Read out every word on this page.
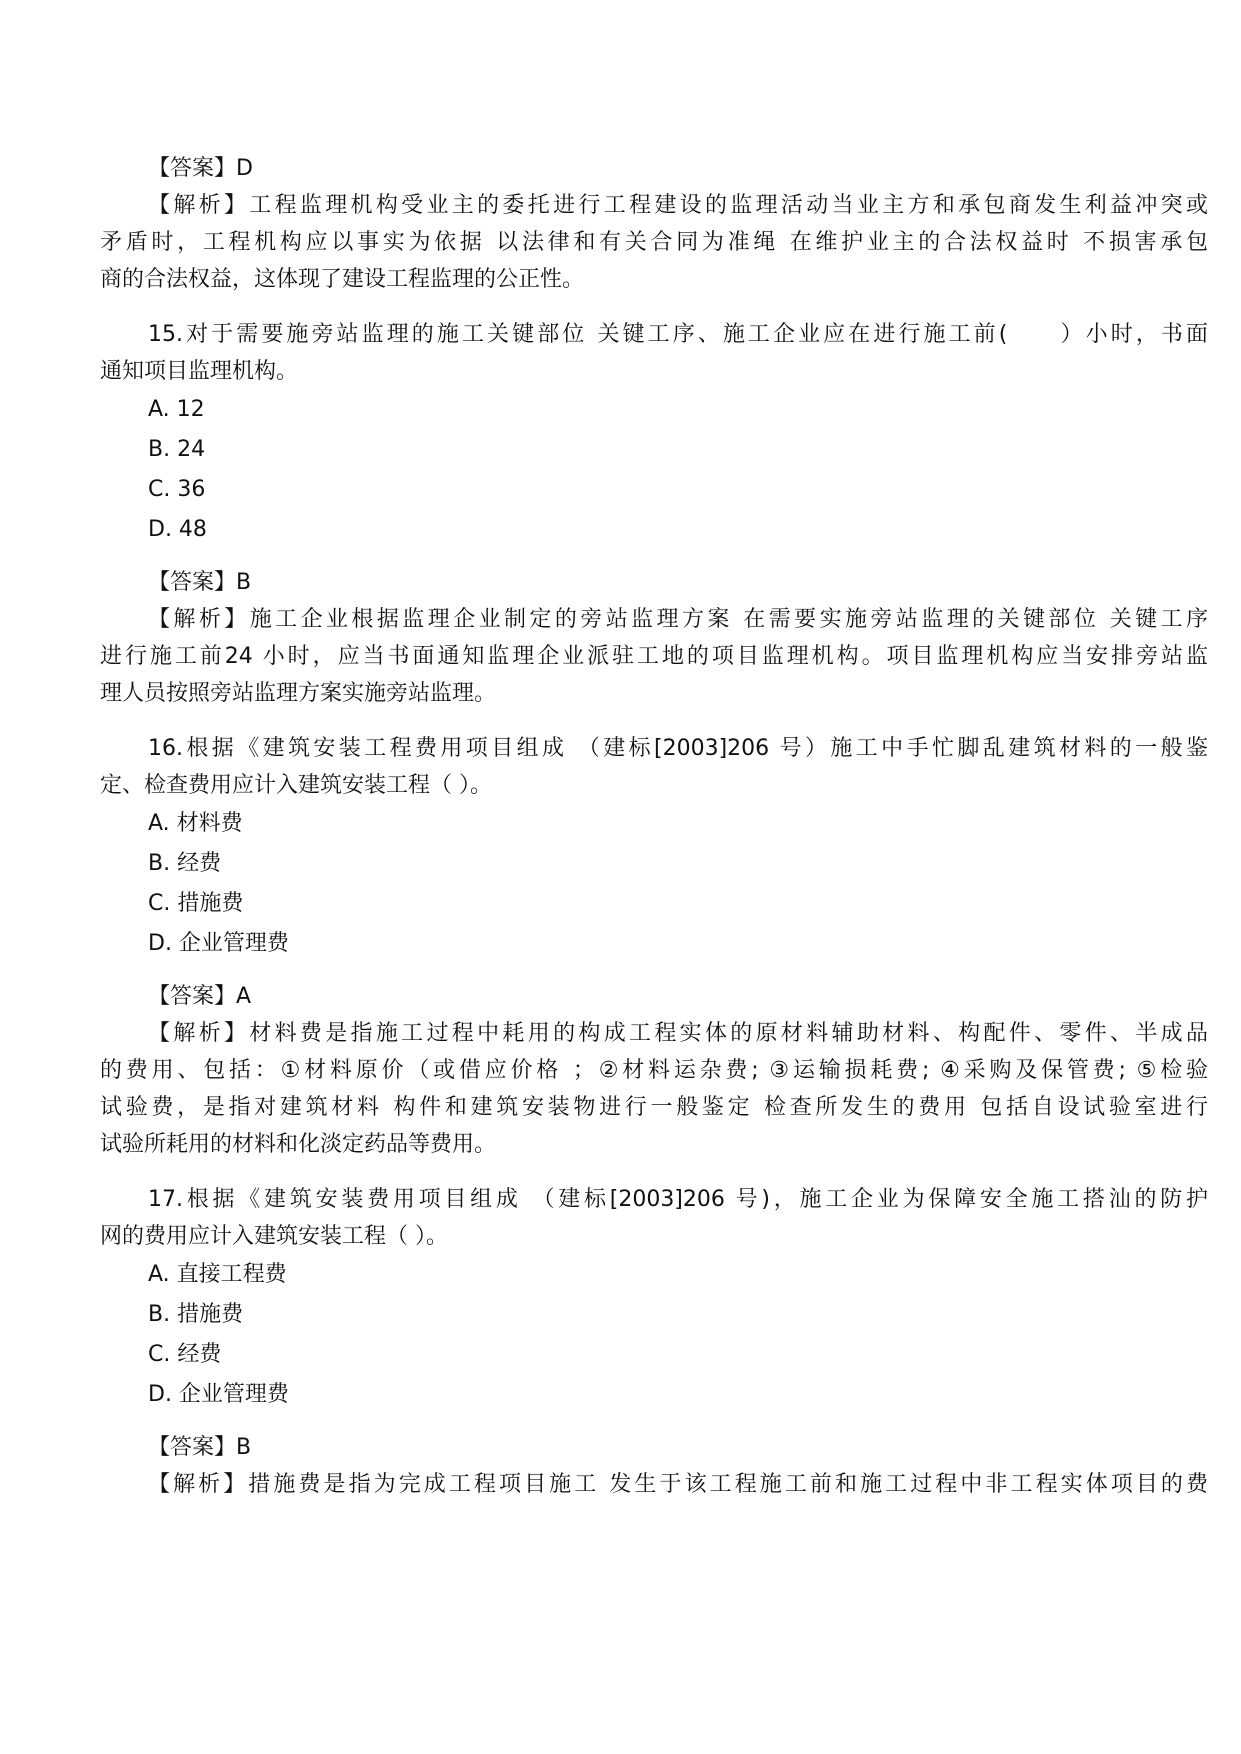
【答案】D
【解析】工程监理机构受业主的委托进行工程建设的监理活动当业主方和承包商发生利益冲突或
矛盾时，工程机构应以事实为依据 以法律和有关合同为准绳 在维护业主的合法权益时 不损害承包
商的合法权益，这体现了建设工程监理的公正性。
15.对于需要施旁站监理的施工关键部位 关键工序、施工企业应在进行施工前(　　）小时，书面
通知项目监理机构。
A. 12
B. 24
C. 36
D. 48
【答案】B
【解析】施工企业根据监理企业制定的旁站监理方案 在需要实施旁站监理的关键部位 关键工序
进行施工前24 小时，应当书面通知监理企业派驻工地的项目监理机构。项目监理机构应当安排旁站监
理人员按照旁站监理方案实施旁站监理。
16.根据《建筑安装工程费用项目组成 （建标[2003]206 号）施工中手忙脚乱建筑材料的一般鉴
定、检查费用应计入建筑安装工程（ ）。
A. 材料费
B. 经费
C. 措施费
D. 企业管理费
【答案】A
【解析】材料费是指施工过程中耗用的构成工程实体的原材料辅助材料、构配件、零件、半成品
的费用、包括：①材料原价（或借应价格 ；②材料运杂费; ③运输损耗费; ④采购及保管费; ⑤检验
试验费，是指对建筑材料 构件和建筑安装物进行一般鉴定 检查所发生的费用 包括自设试验室进行
试验所耗用的材料和化淡定药品等费用。
17.根据《建筑安装费用项目组成 （建标[2003]206 号)，施工企业为保障安全施工搭汕的防护
网的费用应计入建筑安装工程（ ）。
A. 直接工程费
B. 措施费
C. 经费
D. 企业管理费
【答案】B
【解析】措施费是指为完成工程项目施工 发生于该工程施工前和施工过程中非工程实体项目的费
